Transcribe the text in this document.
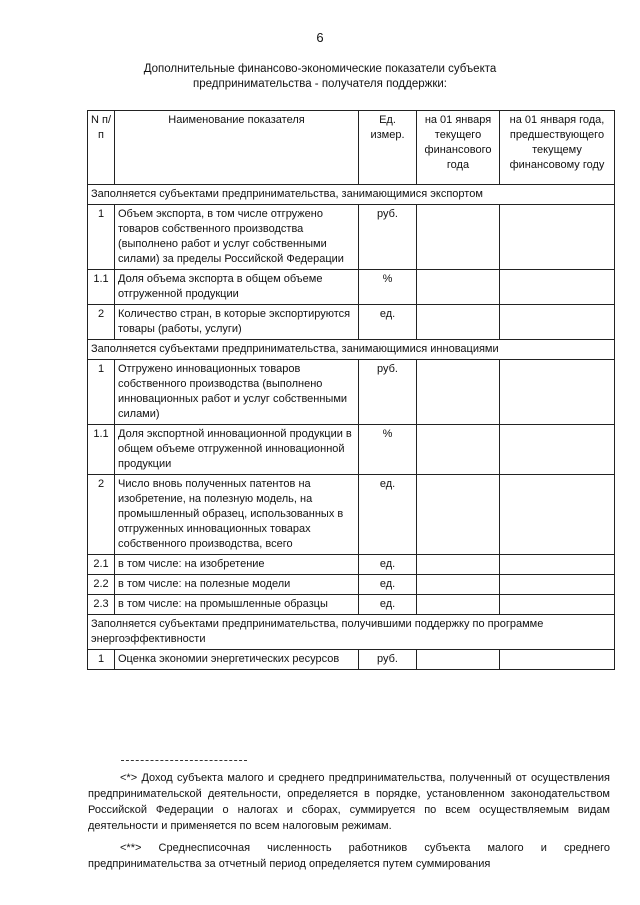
6
Дополнительные финансово-экономические показатели субъекта предпринимательства - получателя поддержки:
N п/п	Наименование показателя	Ед. измер.	на 01 января текущего финансового года	на 01 января года, предшествующего текущему финансовому году
Заполняется субъектами предпринимательства, занимающимися экспортом				
1	Объем экспорта, в том числе отгружено товаров собственного производства (выполнено работ и услуг собственными силами) за пределы Российской Федерации	руб.		
1.1	Доля объема экспорта в общем объеме отгруженной продукции	%		
2	Количество стран, в которые экспортируются товары (работы, услуги)	ед.		
Заполняется субъектами предпринимательства, занимающимися инновациями				
1	Отгружено инновационных товаров собственного производства (выполнено инновационных работ и услуг собственными силами)	руб.		
1.1	Доля экспортной инновационной продукции в общем объеме отгруженной инновационной продукции	%		
2	Число вновь полученных патентов на изобретение, на полезную модель, на промышленный образец, использованных в отгруженных инновационных товарах собственного производства, всего	ед.		
2.1	в том числе: на изобретение	ед.		
2.2	в том числе: на полезные модели	ед.		
2.3	в том числе: на промышленные образцы	ед.		
Заполняется субъектами предпринимательства, получившими поддержку по программе энергоэффективности				
1	Оценка экономии энергетических ресурсов	руб.		
<*> Доход субъекта малого и среднего предпринимательства, полученный от осуществления предпринимательской деятельности, определяется в порядке, установленном законодательством Российской Федерации о налогах и сборах, суммируется по всем осуществляемым видам деятельности и применяется по всем налоговым режимам.
<**> Среднесписочная численность работников субъекта малого и среднего предпринимательства за отчетный период определяется путем суммирования
